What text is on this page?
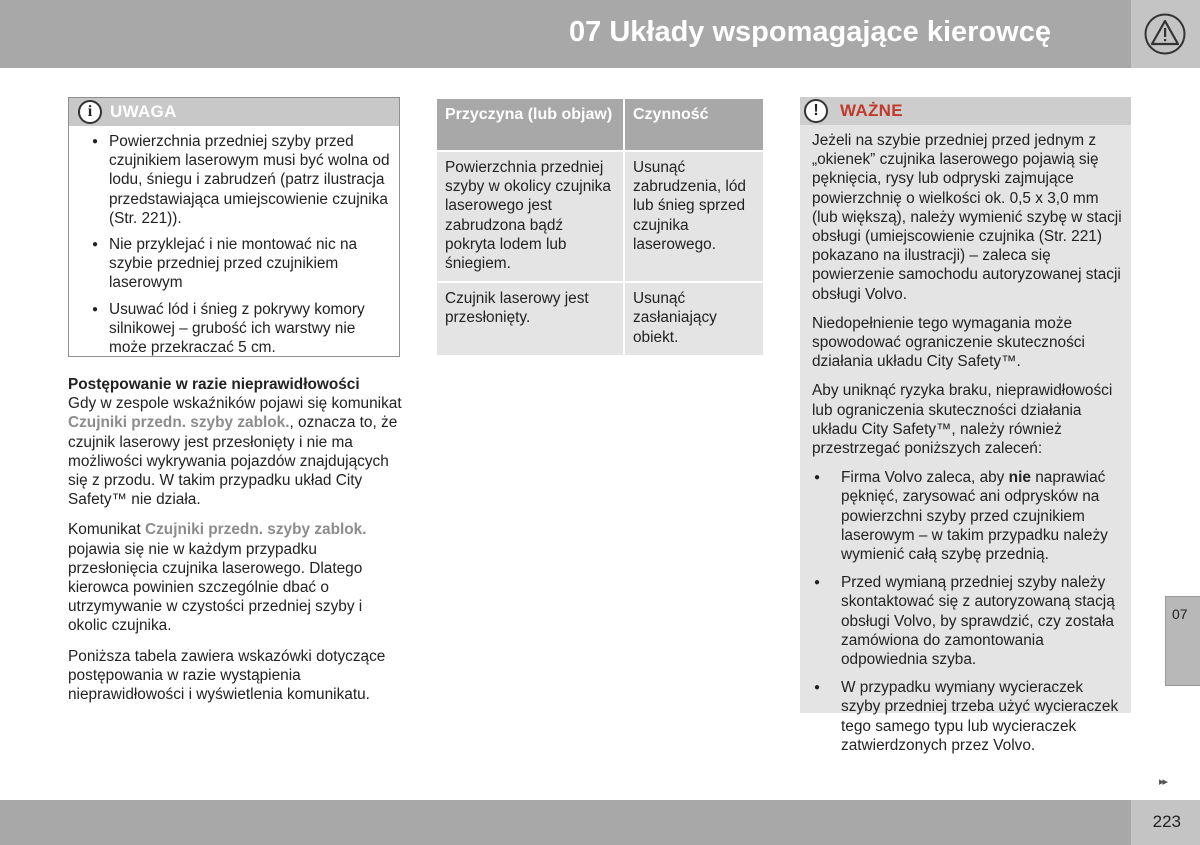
07 Układy wspomagające kierowcę
i	UWAGA
● Powierzchnia przedniej szyby przed czujnikiem laserowym musi być wolna od lodu, śniegu i zabrudzeń (patrz ilustracja przedstawiająca umiejscowienie czujnika (Str. 221)).
● Nie przyklejać i nie montować nic na szybie przedniej przed czujnikiem laserowym
● Usuwać lód i śnieg z pokrywy komory silnikowej – grubość ich warstwy nie może przekraczać 5 cm.
Postępowanie w razie nieprawidłowości

Gdy w zespole wskaźników pojawi się komunikat Czujniki przedn. szyby zablok., oznacza to, że czujnik laserowy jest przesłonięty i nie ma możliwości wykrywania pojazdów znajdujących się z przodu. W takim przypadku układ City Safety™ nie działa.

Komunikat Czujniki przedn. szyby zablok. pojawia się nie w każdym przypadku przesłonięcia czujnika laserowego. Dlatego kierowca powinien szczególnie dbać o utrzymywanie w czystości przedniej szyby i okolic czujnika.

Poniższa tabela zawiera wskazówki dotyczące postępowania w razie wystąpienia nieprawidłowości i wyświetlenia komunikatu.

Przyczyna (lub objaw)	Czynność
Powierzchnia przedniej szyby w okolicy czujnika laserowego jest zabrudzona bądź pokryta lodem lub śniegiem.	Usunąć zabrudzenia, lód lub śnieg sprzed czujnika laserowego.
Czujnik laserowy jest przesłonięty.	Usunąć zasłaniający obiekt.
!	WAŻNE

Jeżeli na szybie przedniej przed jednym z „okienek” czujnika laserowego pojawią się pęknięcia, rysy lub odpryski zajmujące powierzchnię o wielkości ok. 0,5 x 3,0 mm (lub większą), należy wymienić szybę w stacji obsługi (umiejscowienie czujnika (Str. 221) pokazano na ilustracji) – zaleca się powierzenie samochodu autoryzowanej stacji obsługi Volvo.

Niedopełnienie tego wymagania może spowodować ograniczenie skuteczności działania układu City Safety™.

Aby uniknąć ryzyka braku, nieprawidłowości lub ograniczenia skuteczności działania układu City Safety™, należy również przestrzegać poniższych zaleceń:

● Firma Volvo zaleca, aby nie naprawiać pęknięć, zarysować ani odprysków na powierzchni szyby przed czujnikiem laserowym – w takim przypadku należy wymienić całą szybę przednią.
● Przed wymianą przedniej szyby należy skontaktować się z autoryzowaną stacją obsługi Volvo, by sprawdzić, czy została zamówiona do zamontowania odpowiednia szyba.
● W przypadku wymiany wycieraczek szyby przedniej trzeba użyć wycieraczek tego samego typu lub wycieraczek zatwierdzonych przez Volvo.
07
▸▸
223
